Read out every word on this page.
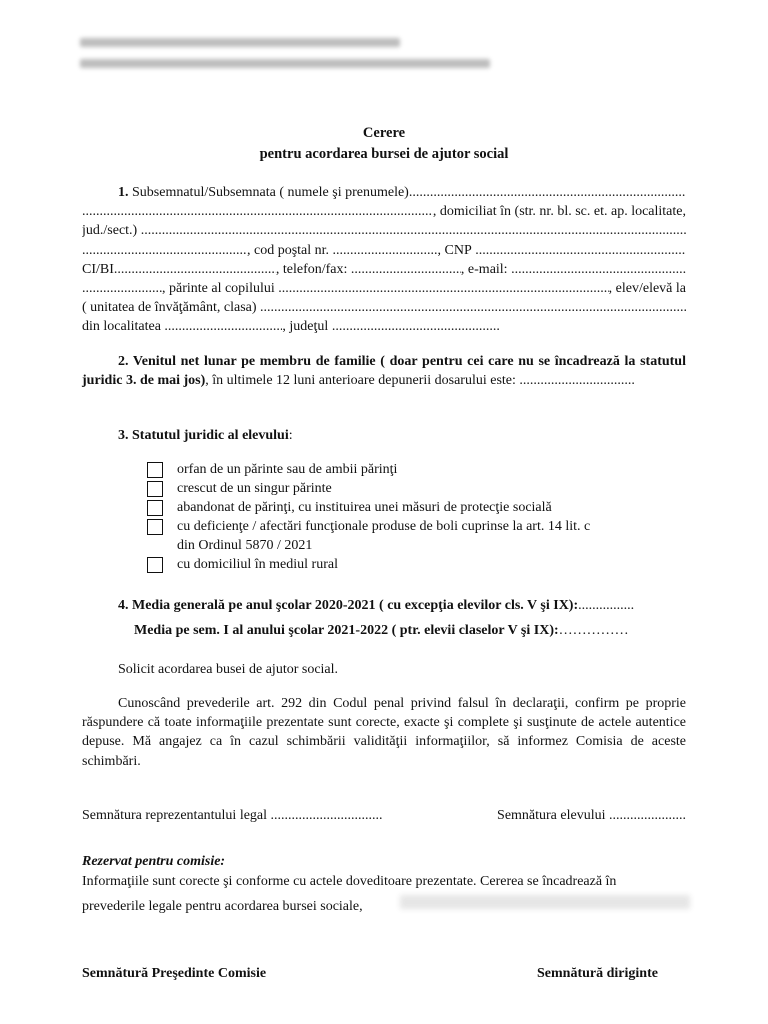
Cerere
pentru acordarea bursei de ajutor social
1. Subsemnatul/Subsemnata ( numele şi prenumele)
.....
.....
, domiciliat în (str. nr. bl. sc. et. ap. localitate,
jud./sect.)

.....
.....
, cod poştal nr.
.....	, CNP

.....
CI/BI .....	, telefon/fax:
.....	, e-mail:

.....
.....
, părinte al copilului
.....	, elev/elevă la
( unitatea de învăţământ, clasa)

.....
din localitatea
.....	, judeţul

.....
2. Venitul net lunar pe membru de familie ( doar pentru cei care nu se încadrează la statutul juridic 3. de mai jos), în ultimele 12 luni anterioare depunerii dosarului este: .................................
3. Statutul juridic al elevului:
orfan de un părinte sau de ambii părinţi
crescut de un singur părinte
abandonat de părinţi, cu instituirea unei măsuri de protecţie socială
cu deficienţe / afectări funcţionale produse de boli cuprinse la art. 14 lit. c
din Ordinul 5870 / 2021
cu domiciliul în mediul rural
4. Media generală pe anul şcolar 2020-2021 ( cu excepţia elevilor cls. V şi IX):................
Media pe sem. I al anului şcolar 2021-2022 ( ptr. elevii claselor V şi IX):……………
Solicit acordarea busei de ajutor social.
Cunoscând prevederile art. 292 din Codul penal privind falsul în declaraţii, confirm pe proprie răspundere că toate informaţiile prezentate sunt corecte, exacte şi complete şi susţinute de actele autentice depuse. Mă angajez ca în cazul schimbării validităţii informaţiilor, să informez Comisia de aceste schimbări.
Semnătura reprezentantului legal ................................	Semnătura elevului ......................
Rezervat pentru comisie:
Informaţiile sunt corecte şi conforme cu actele doveditoare prezentate. Cererea se încadrează în
prevederile legale pentru acordarea bursei sociale,
Semnătură Preşedinte Comisie	Semnătură diriginte
